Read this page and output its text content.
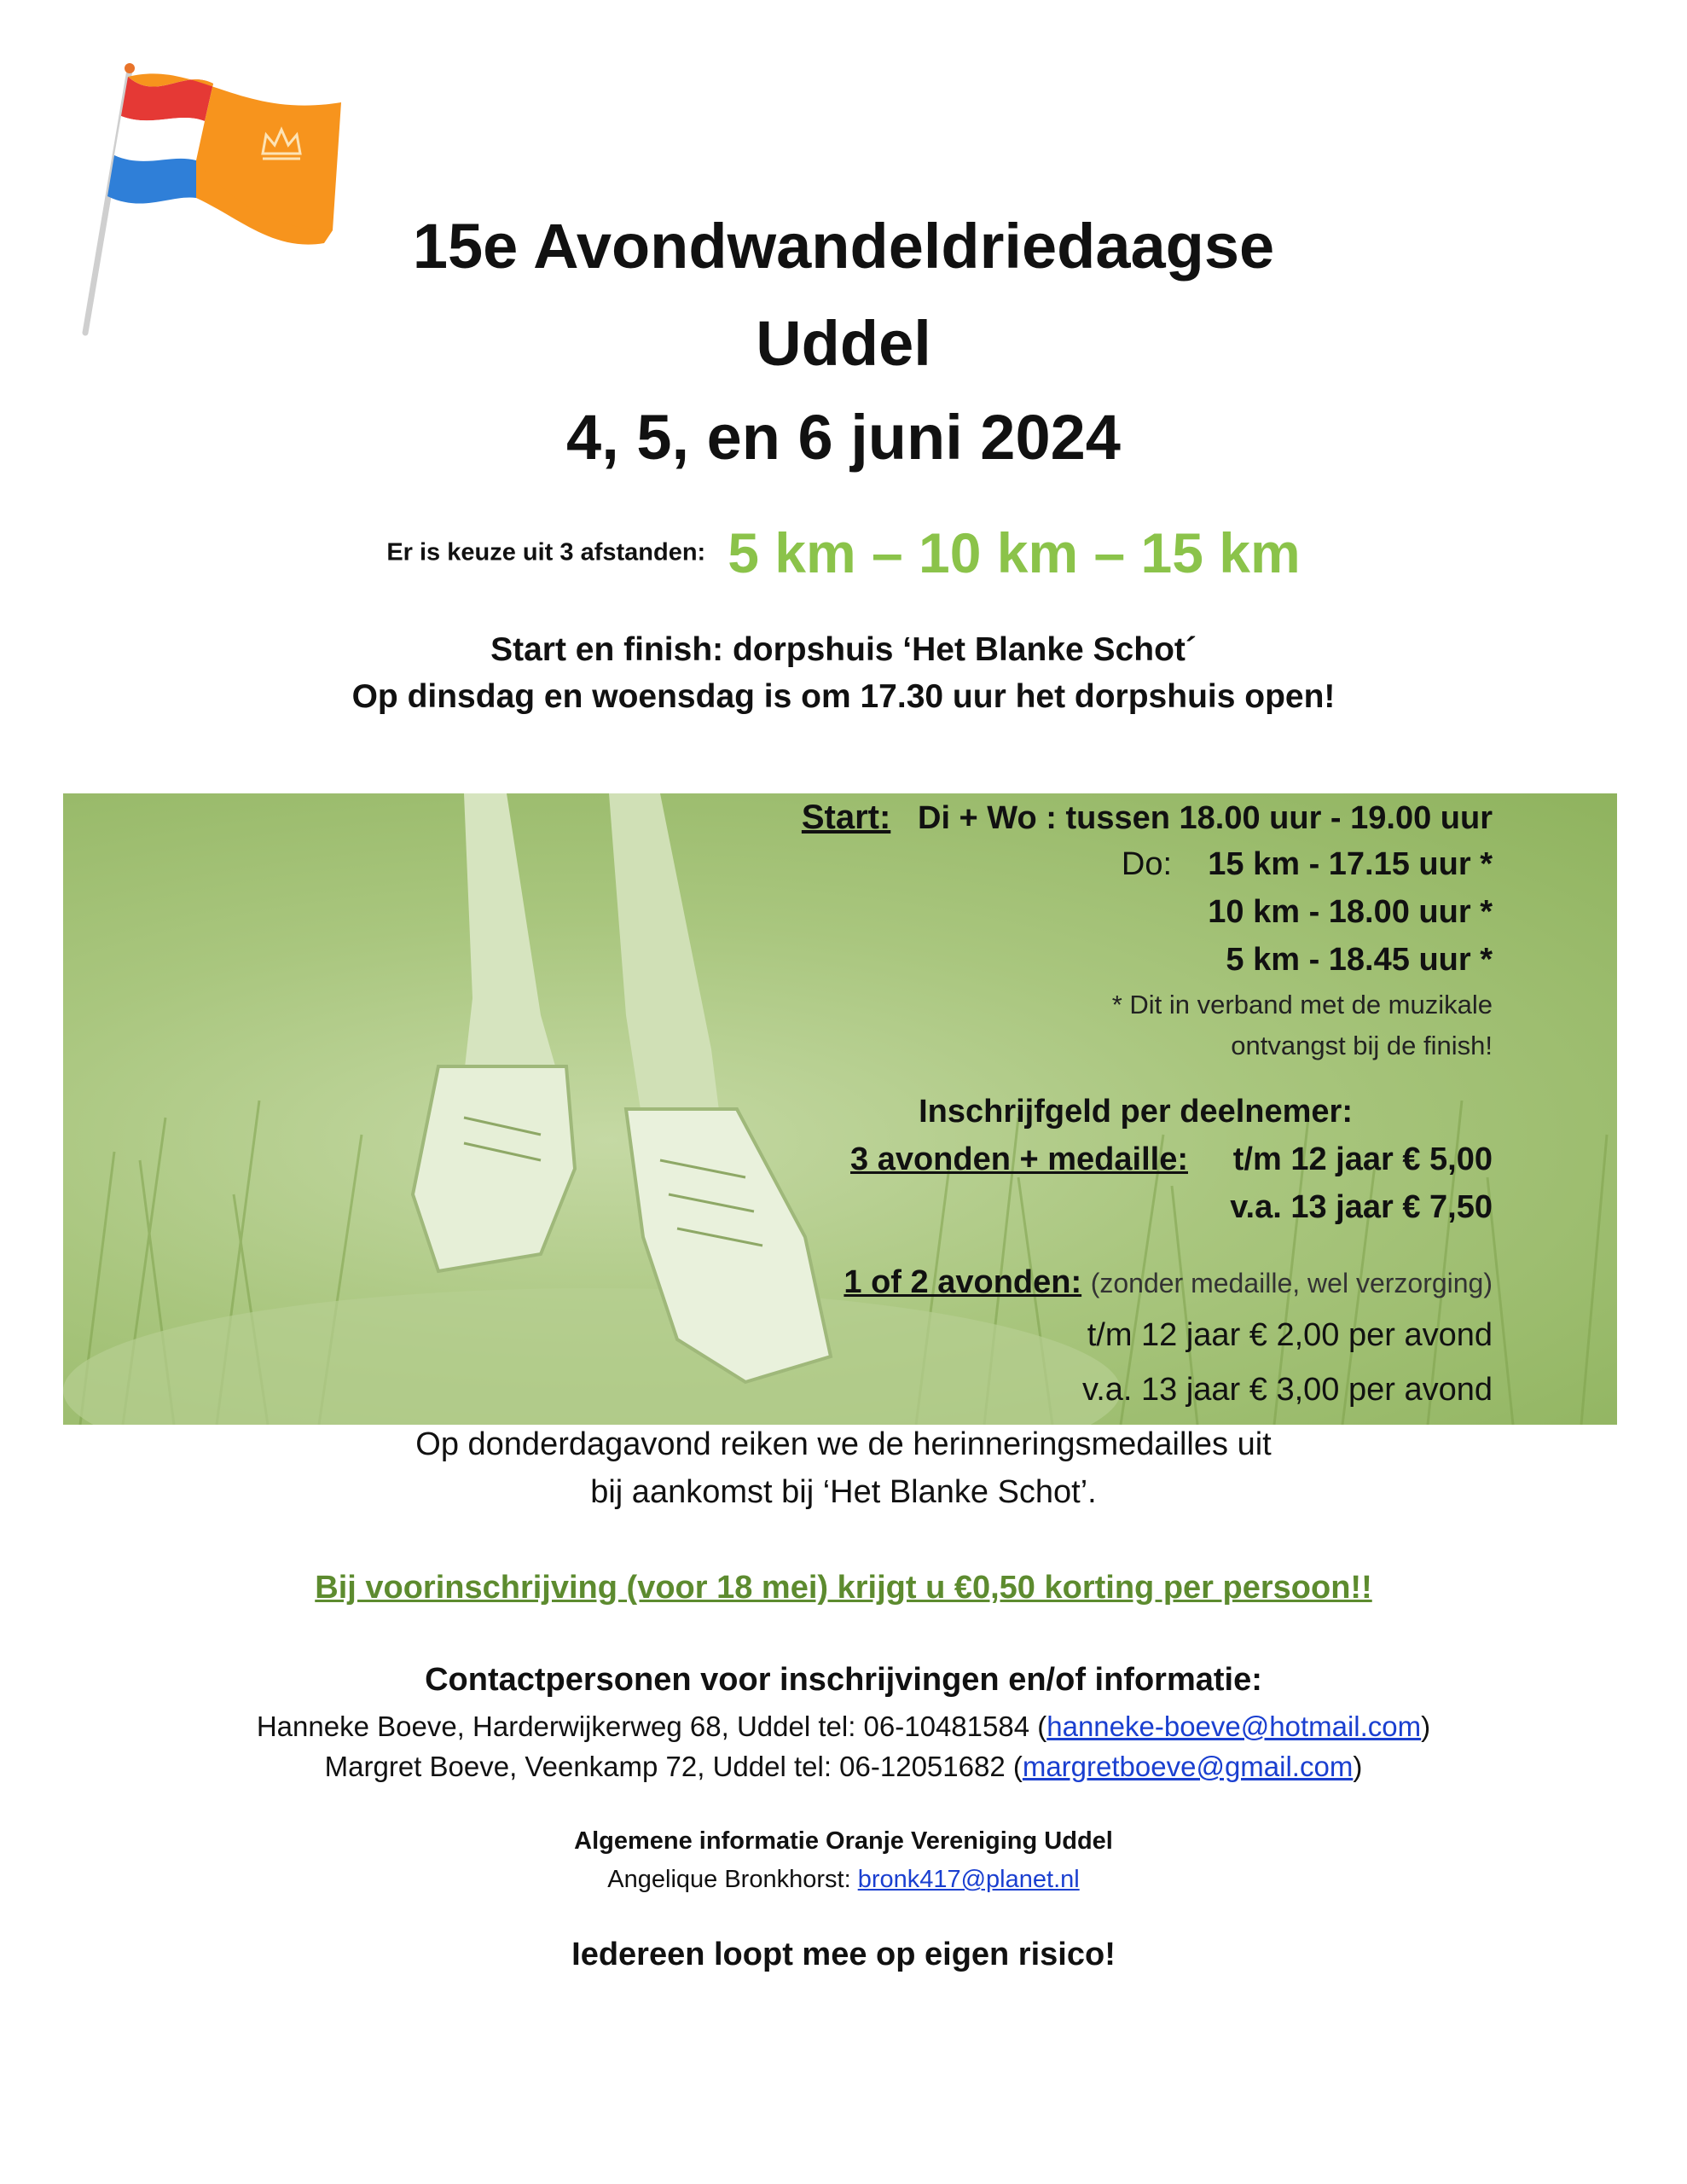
15e Avondwandeldriedaagse
Uddel
4, 5, en 6 juni 2024
Er is keuze uit 3 afstanden: 5 km – 10 km – 15 km
Start en finish: dorpshuis ‘Het Blanke Schot´
Op dinsdag en woensdag is om 17.30 uur het dorpshuis open!
Start: Di + Wo : tussen 18.00 uur - 19.00 uur
Do: 15 km - 17.15 uur *
10 km - 18.00 uur *
5 km - 18.45 uur *
* Dit in verband met de muzikale
ontvangst bij de finish!
Inschrijfgeld per deelnemer:
3 avonden + medaille: t/m 12 jaar € 5,00
v.a. 13 jaar € 7,50
1 of 2 avonden: (zonder medaille, wel verzorging)
t/m 12 jaar € 2,00 per avond
v.a. 13 jaar € 3,00 per avond
Op donderdagavond reiken we de herinneringsmedailles uit
bij aankomst bij ‘Het Blanke Schot’.
Bij voorinschrijving (voor 18 mei) krijgt u €0,50 korting per persoon!!
Contactpersonen voor inschrijvingen en/of informatie:
Hanneke Boeve, Harderwijkerweg 68, Uddel tel: 06-10481584 (hanneke-boeve@hotmail.com)
Margret Boeve, Veenkamp 72, Uddel tel: 06-12051682 (margretboeve@gmail.com)
Algemene informatie Oranje Vereniging Uddel
Angelique Bronkhorst: bronk417@planet.nl
Iedereen loopt mee op eigen risico!
